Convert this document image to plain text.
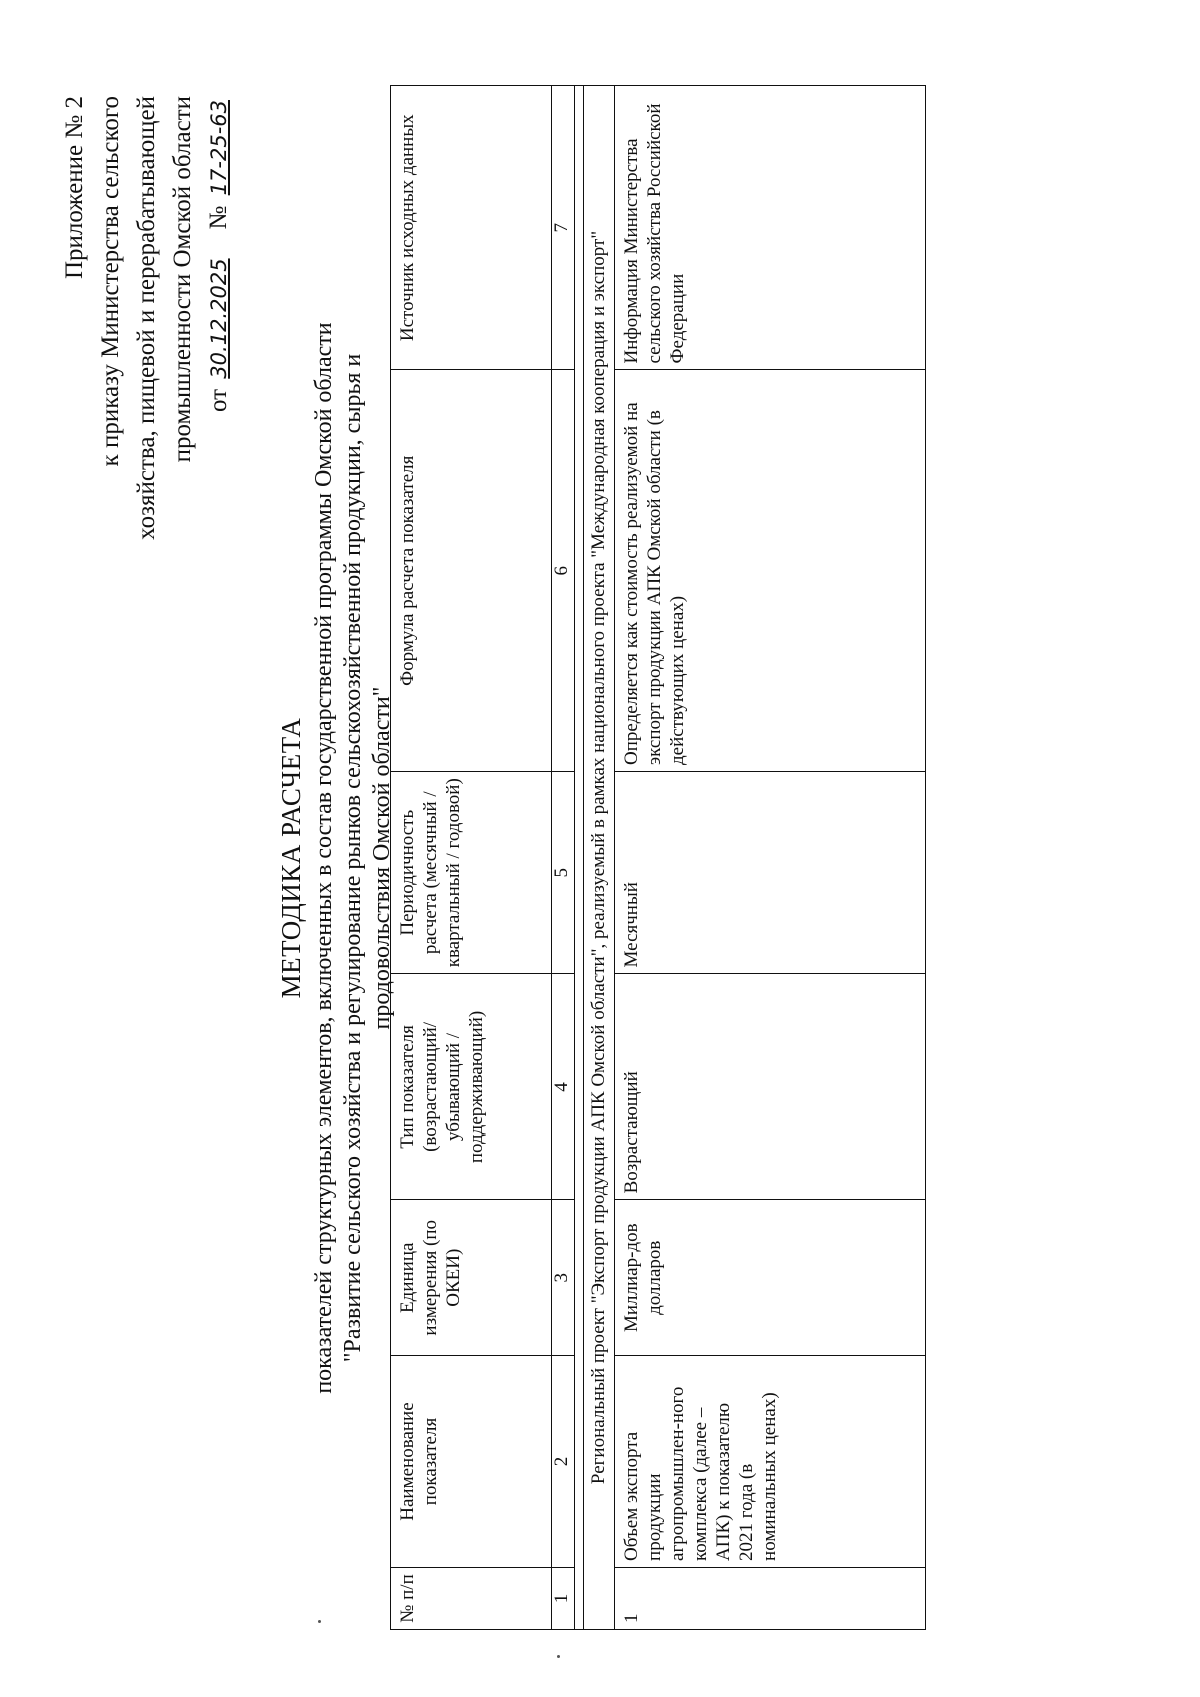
Приложение № 2 к приказу Министерства сельского хозяйства, пищевой и перерабатывающей промышленности Омской области от 30.12.2025    № 17-25-63
МЕТОДИКА РАСЧЕТА показателей структурных элементов, включенных в состав государственной программы Омской области "Развитие сельского хозяйства и регулирование рынков сельскохозяйственной продукции, сырья и продовольствия Омской области"
№ п/п	Наименование показателя	Единица измерения (по ОКЕИ)	Тип показателя (возрастающий/ убывающий / поддерживающий)	Периодичность расчета (месячный / квартальный / годовой)	Формула расчета показателя	Источник исходных данных
1	2	3	4	5	6	7

Региональный проект "Экспорт продукции АПК Омской области", реализуемый в рамках национального проекта "Международная кооперация и экспорт"						
1	Объем экспорта продукции агропромышлен-ного комплекса (далее – АПК) к показателю 2021 года (в номинальных ценах)	Миллиар-дов долларов	Возрастающий	Месячный	Определяется как стоимость реализуемой на экспорт продукции АПК Омской области (в действующих ценах)	Информация Министерства сельского хозяйства Российской Федерации
